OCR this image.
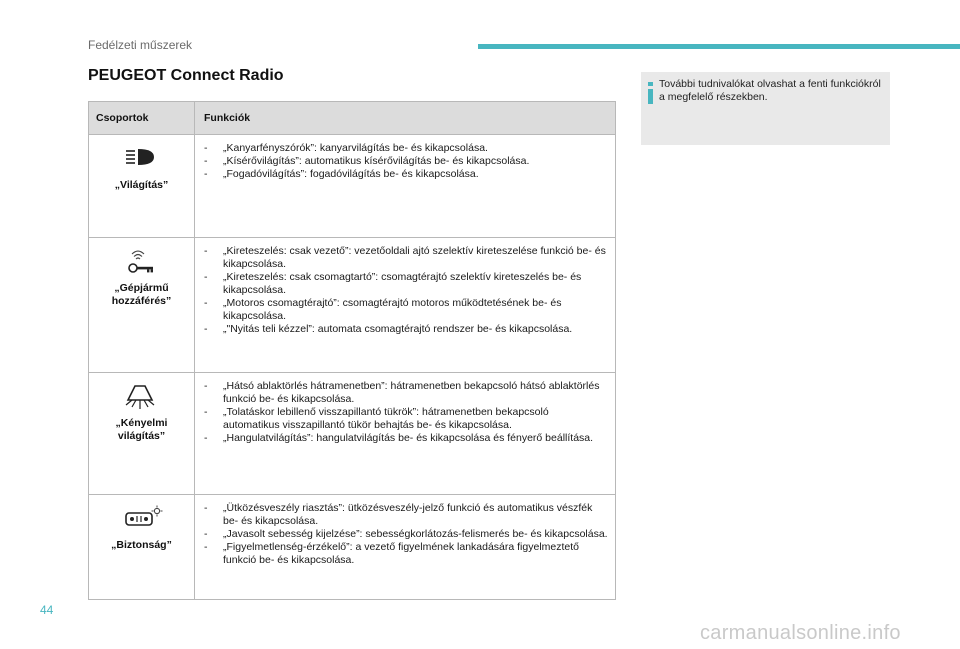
Fedélzeti műszerek
PEUGEOT Connect Radio	További tudnivalókat olvashat a fenti funkciókról a megfelelő részekben.
Csoportok	Funkciók
„Világítás”
- „Kanyarfényszórók”: kanyarvilágítás be- és kikapcsolása.
- „Kísérővilágítás”: automatikus kísérővilágítás be- és kikapcsolása.
- „Fogadóvilágítás”: fogadóvilágítás be- és kikapcsolása.
„Gépjármű
hozzáférés”
- „Kireteszelés: csak vezető”: vezetőoldali ajtó szelektív kireteszelése funkció be- és kikapcsolása.
- „Kireteszelés: csak csomagtartó”: csomagtérajtó szelektív kireteszelés be- és kikapcsolása.
- „Motoros csomagtérajtó”: csomagtérajtó motoros működtetésének be- és kikapcsolása.
- „"Nyitás teli kézzel”: automata csomagtérajtó rendszer be- és kikapcsolása.
„Kényelmi
világítás”
- „Hátsó ablaktörlés hátramenetben”: hátramenetben bekapcsoló hátsó ablaktörlés funkció be- és kikapcsolása.
- „Tolatáskor lebillenő visszapillantó tükrök”: hátramenetben bekapcsoló automatikus visszapillantó tükör behajtás be- és kikapcsolása.
- „Hangulatvilágítás”: hangulatvilágítás be- és kikapcsolása és fényerő beállítása.
„Biztonság”
- „Ütközésveszély riasztás”: ütközésveszély-jelző funkció és automatikus vészfék be- és kikapcsolása.
- „Javasolt sebesség kijelzése”: sebességkorlátozás-felismerés be- és kikapcsolása.
- „Figyelmetlenség-érzékelő”: a vezető figyelmének lankadására figyelmeztető funkció be- és kikapcsolása.
44
carmanualsonline.info
